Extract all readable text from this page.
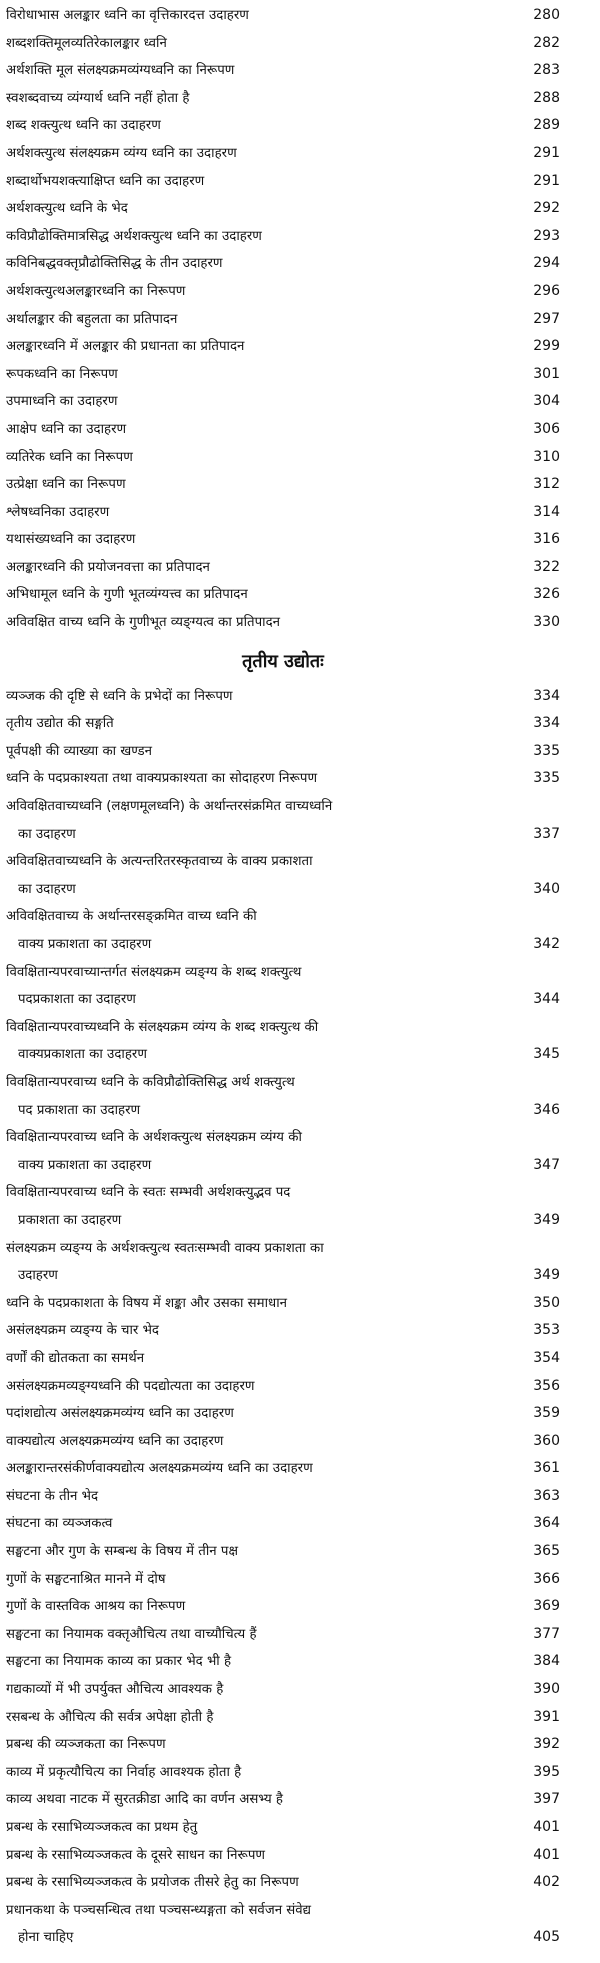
विरोधाभास अलङ्कार ध्वनि का वृत्तिकारदत्त उदाहरण	280
शब्दशक्तिमूलव्यतिरेकालङ्कार ध्वनि	282
अर्थशक्ति मूल संलक्ष्यक्रमव्यंग्यध्वनि का निरूपण	283
स्वशब्दवाच्य व्यंग्यार्थ ध्वनि नहीं होता है	288
शब्द शक्त्युत्थ ध्वनि का उदाहरण	289
अर्थशक्त्युत्थ संलक्ष्यक्रम व्यंग्य ध्वनि का उदाहरण	291
शब्दार्थोभयशक्त्याक्षिप्त ध्वनि का उदाहरण	291
अर्थशक्त्युत्थ ध्वनि के भेद	292
कविप्रौढोक्तिमात्रसिद्ध अर्थशक्त्युत्थ ध्वनि का उदाहरण	293
कविनिबद्धवक्तृप्रौढोक्तिसिद्ध के तीन उदाहरण	294
अर्थशक्त्युत्थअलङ्कारध्वनि का निरूपण	296
अर्थालङ्कार की बहुलता का प्रतिपादन	297
अलङ्कारध्वनि में अलङ्कार की प्रधानता का प्रतिपादन	299
रूपकध्वनि का निरूपण	301
उपमाध्वनि का उदाहरण	304
आक्षेप ध्वनि का उदाहरण	306
व्यतिरेक ध्वनि का निरूपण	310
उत्प्रेक्षा ध्वनि का निरूपण	312
श्लेषध्वनिका उदाहरण	314
यथासंख्यध्वनि का उदाहरण	316
अलङ्कारध्वनि की प्रयोजनवत्ता का प्रतिपादन	322
अभिधामूल ध्वनि के गुणी भूतव्यंग्यत्त्व का प्रतिपादन	326
अविवक्षित वाच्य ध्वनि के गुणीभूत व्यङ्ग्यत्व का प्रतिपादन	330
तृतीय उद्योतः
व्यञ्जक की दृष्टि से ध्वनि के प्रभेदों का निरूपण	334
तृतीय उद्योत की सङ्गति	334
पूर्वपक्षी की व्याख्या का खण्डन	335
ध्वनि के पदप्रकाश्यता तथा वाक्यप्रकाश्यता का सोदाहरण निरूपण	335
अविवक्षितवाच्यध्वनि (लक्षणमूलध्वनि) के अर्थान्तरसंक्रमित वाच्यध्वनि
का उदाहरण	337
अविवक्षितवाच्यध्वनि के अत्यन्तरितरस्कृतवाच्य के वाक्य प्रकाशता
का उदाहरण	340
अविवक्षितवाच्य के अर्थान्तरसङ्क्रमित वाच्य ध्वनि की
वाक्य प्रकाशता का उदाहरण	342
विवक्षितान्यपरवाच्यान्तर्गत संलक्ष्यक्रम व्यङ्ग्य के शब्द शक्त्युत्थ
पदप्रकाशता का उदाहरण	344
विवक्षितान्यपरवाच्यध्वनि के संलक्ष्यक्रम व्यंग्य के शब्द शक्त्युत्थ की
वाक्यप्रकाशता का उदाहरण	345
विवक्षितान्यपरवाच्य ध्वनि के कविप्रौढोक्तिसिद्ध अर्थ शक्त्युत्थ
पद प्रकाशता का उदाहरण	346
विवक्षितान्यपरवाच्य ध्वनि के अर्थशक्त्युत्थ संलक्ष्यक्रम व्यंग्य की
वाक्य प्रकाशता का उदाहरण	347
विवक्षितान्यपरवाच्य ध्वनि के स्वतः सम्भवी अर्थशक्त्युद्भव पद
प्रकाशता का उदाहरण	349
संलक्ष्यक्रम व्यङ्ग्य के अर्थशक्त्युत्थ स्वतःसम्भवी वाक्य प्रकाशता का
उदाहरण	349
ध्वनि के पदप्रकाशता के विषय में शङ्का और उसका समाधान	350
असंलक्ष्यक्रम व्यङ्ग्य के चार भेद	353
वर्णों की द्योतकता का समर्थन	354
असंलक्ष्यक्रमव्यङ्ग्यध्वनि की पदद्योत्यता का उदाहरण	356
पदांशद्योत्य असंलक्ष्यक्रमव्यंग्य ध्वनि का उदाहरण	359
वाक्यद्योत्य अलक्ष्यक्रमव्यंग्य ध्वनि का उदाहरण	360
अलङ्कारान्तरसंकीर्णवाक्यद्योत्य अलक्ष्यक्रमव्यंग्य ध्वनि का उदाहरण	361
संघटना के तीन भेद	363
संघटना का व्यञ्जकत्व	364
सङ्घटना और गुण के सम्बन्ध के विषय में तीन पक्ष	365
गुणों के सङ्घटनाश्रित मानने में दोष	366
गुणों के वास्तविक आश्रय का निरूपण	369
सङ्घटना का नियामक वक्तृऔचित्य तथा वाच्यौचित्य हैं	377
सङ्घटना का नियामक काव्य का प्रकार भेद भी है	384
गद्यकाव्यों में भी उपर्युक्त औचित्य आवश्यक है	390
रसबन्ध के औचित्य की सर्वत्र अपेक्षा होती है	391
प्रबन्ध की व्यञ्जकता का निरूपण	392
काव्य में प्रकृत्यौचित्य का निर्वाह आवश्यक होता है	395
काव्य अथवा नाटक में सुरतक्रीडा आदि का वर्णन असभ्य है	397
प्रबन्ध के रसाभिव्यञ्जकत्व का प्रथम हेतु	401
प्रबन्ध के रसाभिव्यञ्जकत्व के दूसरे साधन का निरूपण	401
प्रबन्ध के रसाभिव्यञ्जकत्व के प्रयोजक तीसरे हेतु का निरूपण	402
प्रधानकथा के पञ्चसन्धित्व तथा पञ्चसन्ध्यङ्गता को सर्वजन संवेद्य
होना चाहिए	405
